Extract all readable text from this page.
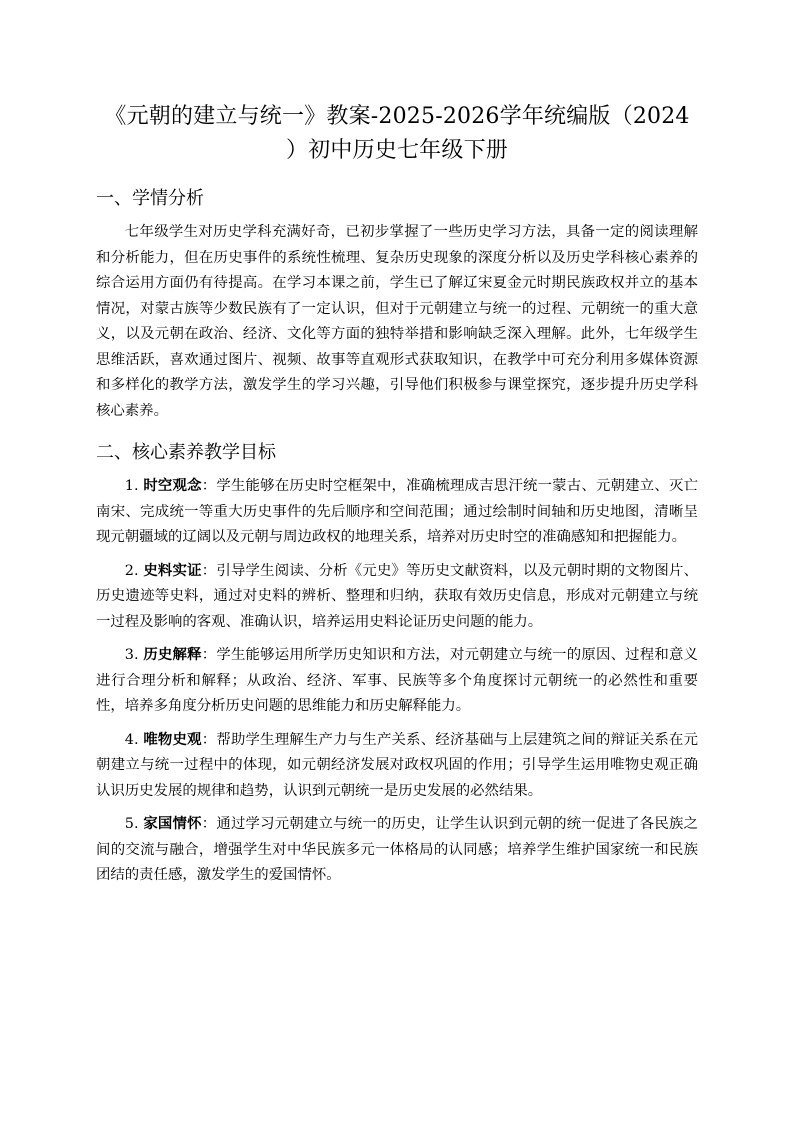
《元朝的建立与统一》教案-2025-2026学年统编版（2024
）初中历史七年级下册
一、学情分析

七年级学生对历史学科充满好奇，已初步掌握了一些历史学习方法，具备一定的阅读理解和分析能力，但在历史事件的系统性梳理、复杂历史现象的深度分析以及历史学科核心素养的综合运用方面仍有待提高。在学习本课之前，学生已了解辽宋夏金元时期民族政权并立的基本情况，对蒙古族等少数民族有了一定认识，但对于元朝建立与统一的过程、元朝统一的重大意义，以及元朝在政治、经济、文化等方面的独特举措和影响缺乏深入理解。此外，七年级学生思维活跃，喜欢通过图片、视频、故事等直观形式获取知识，在教学中可充分利用多媒体资源和多样化的教学方法，激发学生的学习兴趣，引导他们积极参与课堂探究，逐步提升历史学科核心素养。

二、核心素养教学目标

1. 时空观念：学生能够在历史时空框架中，准确梳理成吉思汗统一蒙古、元朝建立、灭亡南宋、完成统一等重大历史事件的先后顺序和空间范围；通过绘制时间轴和历史地图，清晰呈现元朝疆域的辽阔以及元朝与周边政权的地理关系，培养对历史时空的准确感知和把握能力。

2. 史料实证：引导学生阅读、分析《元史》等历史文献资料，以及元朝时期的文物图片、历史遗迹等史料，通过对史料的辨析、整理和归纳，获取有效历史信息，形成对元朝建立与统一过程及影响的客观、准确认识，培养运用史料论证历史问题的能力。

3. 历史解释：学生能够运用所学历史知识和方法，对元朝建立与统一的原因、过程和意义进行合理分析和解释；从政治、经济、军事、民族等多个角度探讨元朝统一的必然性和重要性，培养多角度分析历史问题的思维能力和历史解释能力。

4. 唯物史观：帮助学生理解生产力与生产关系、经济基础与上层建筑之间的辩证关系在元朝建立与统一过程中的体现，如元朝经济发展对政权巩固的作用；引导学生运用唯物史观正确认识历史发展的规律和趋势，认识到元朝统一是历史发展的必然结果。

5. 家国情怀：通过学习元朝建立与统一的历史，让学生认识到元朝的统一促进了各民族之间的交流与融合，增强学生对中华民族多元一体格局的认同感；培养学生维护国家统一和民族团结的责任感，激发学生的爱国情怀。
